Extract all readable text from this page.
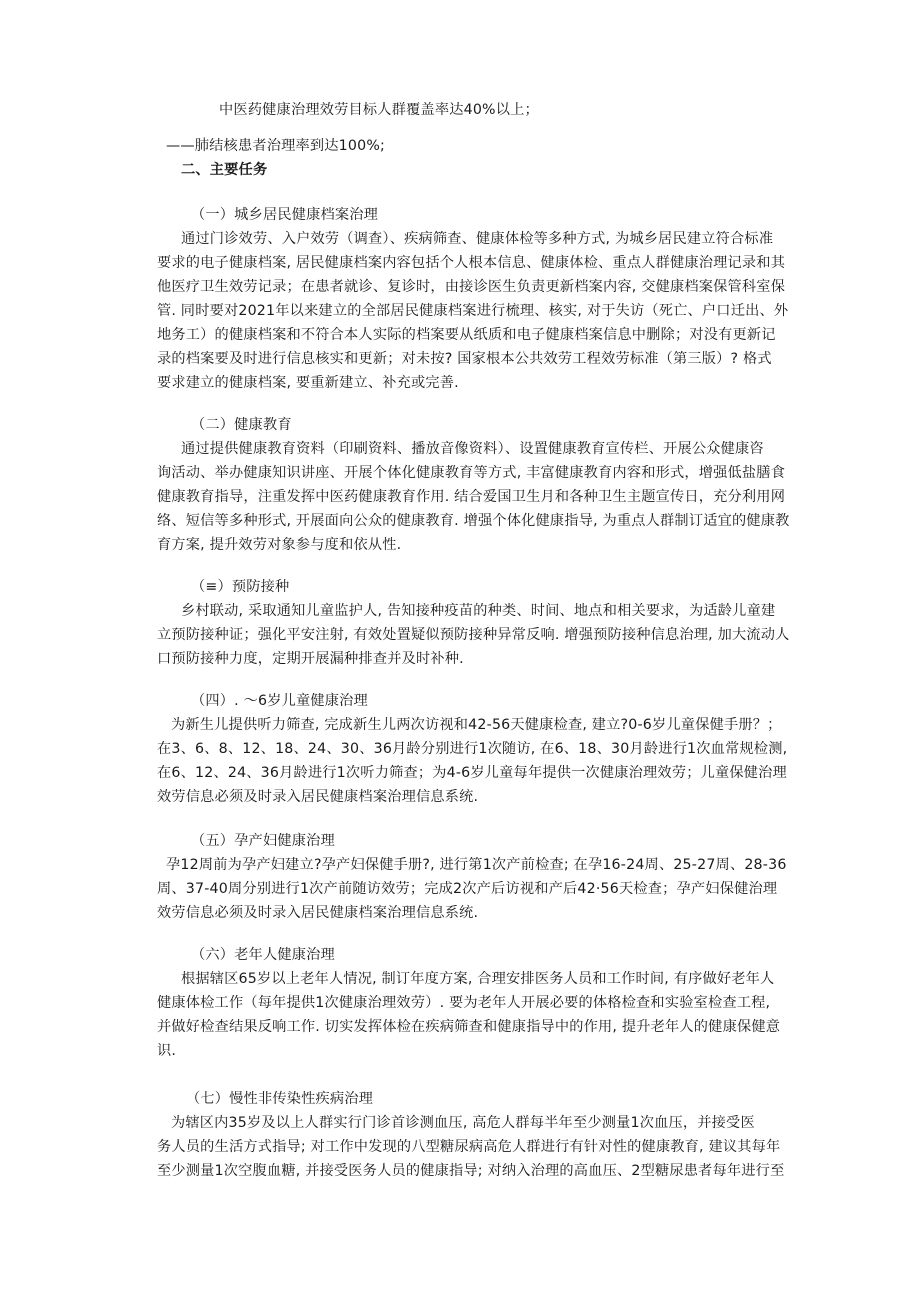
中医药健康治理效劳目标人群覆盖率达40%以上；
——肺结核患者治理率到达100%;
二、主要任务
（一）城乡居民健康档案治理
通过门诊效劳、入户效劳（调查）、疾病筛查、健康体检等多种方式, 为城乡居民建立符合标准
要求的电子健康档案, 居民健康档案内容包括个人根本信息、健康体检、重点人群健康治理记录和其
他医疗卫生效劳记录；在患者就诊、复诊时，由接诊医生负责更新档案内容, 交健康档案保管科室保
管. 同时要对2021年以来建立的全部居民健康档案进行梳理、核实, 对于失访（死亡、户口迁出、外
地务工）的健康档案和不符合本人实际的档案要从纸质和电子健康档案信息中删除；对没有更新记
录的档案要及时进行信息核实和更新；对未按? 国家根本公共效劳工程效劳标准（第三版）? 格式
要求建立的健康档案, 要重新建立、补充或完善.
（二）健康教育
通过提供健康教育资料（印刷资料、播放音像资料）、设置健康教育宣传栏、开展公众健康咨
询活动、举办健康知识讲座、开展个体化健康教育等方式, 丰富健康教育内容和形式，增强低盐膳食
健康教育指导，注重发挥中医药健康教育作用. 结合爱国卫生月和各种卫生主题宣传日，充分利用网
络、短信等多种形式, 开展面向公众的健康教育. 增强个体化健康指导, 为重点人群制订适宜的健康教
育方案, 提升效劳对象参与度和依从性.
（≡）预防接种
乡村联动, 采取通知儿童监护人, 告知接种疫苗的种类、时间、地点和相关要求，为适龄儿童建
立预防接种证；强化平安注射, 有效处置疑似预防接种异常反响. 增强预防接种信息治理, 加大流动人
口预防接种力度，定期开展漏种排查并及时补种.
（四）. ～6岁儿童健康治理
为新生儿提供听力筛查, 完成新生儿两次访视和42-56天健康检查, 建立?0-6岁儿童保健手册？；
在3、6、8、12、18、24、30、36月龄分别进行1次随访, 在6、18、30月龄进行1次血常规检测,
在6、12、24、36月龄进行1次听力筛查；为4-6岁儿童每年提供一次健康治理效劳；儿童保健治理
效劳信息必须及时录入居民健康档案治理信息系统.
（五）孕产妇健康治理
孕12周前为孕产妇建立?孕产妇保健手册?, 进行第1次产前检查; 在孕16-24周、25-27周、28-36
周、37-40周分别进行1次产前随访效劳；完成2次产后访视和产后42·56天检查；孕产妇保健治理
效劳信息必须及时录入居民健康档案治理信息系统.
（六）老年人健康治理
根据辖区65岁以上老年人情况, 制订年度方案, 合理安排医务人员和工作时间, 有序做好老年人
健康体检工作（每年提供1次健康治理效劳）. 要为老年人开展必要的体格检查和实验室检查工程,
并做好检查结果反响工作. 切实发挥体检在疾病筛查和健康指导中的作用, 提升老年人的健康保健意
识.
（七）慢性非传染性疾病治理
为辖区内35岁及以上人群实行门诊首诊测血压, 高危人群每半年至少测量1次血压，并接受医
务人员的生活方式指导; 对工作中发现的八型糖尿病高危人群进行有针对性的健康教育, 建议其每年
至少测量1次空腹血糖, 并接受医务人员的健康指导; 对纳入治理的高血压、2型糖尿患者每年进行至
